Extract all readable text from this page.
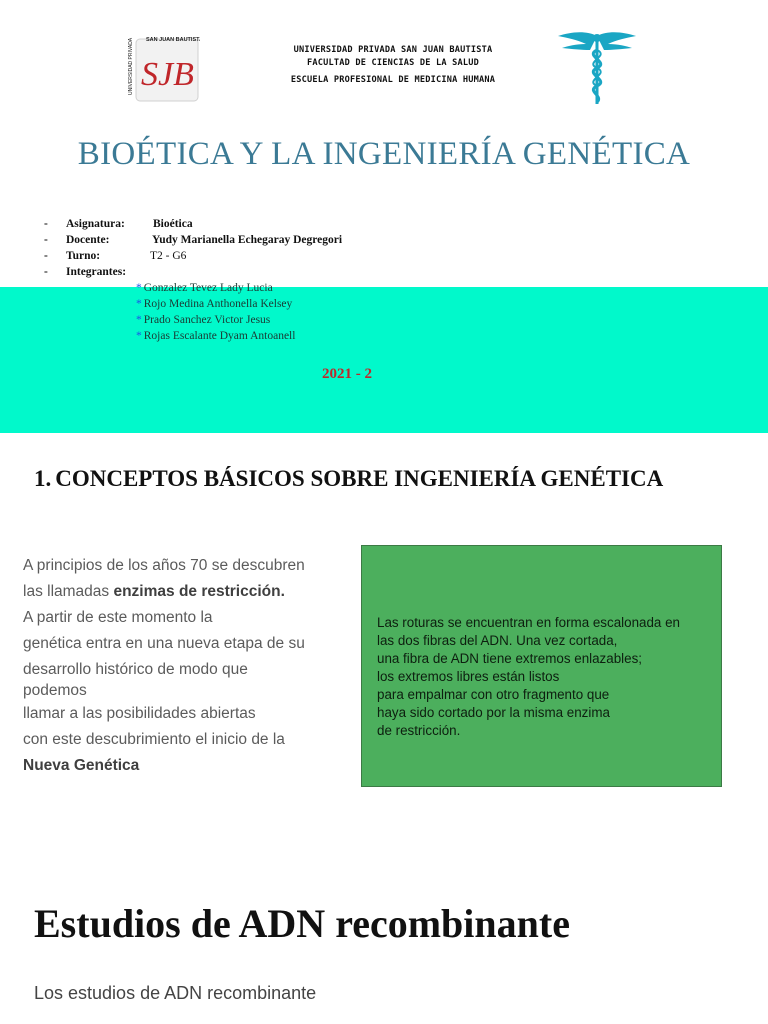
UNIVERSIDAD PRIVADA SAN JUAN BAUTISTA
SJB
UNIVERSIDAD PRIVADA SAN JUAN BAUTISTA
FACULTAD DE CIENCIAS DE LA SALUD
ESCUELA PROFESIONAL DE MEDICINA HUMANA
BIOÉTICA Y LA INGENIERÍA GENÉTICA
- Asignatura: Bioética
- Docente:	Yudy Marianella Echegaray Degregori
- Turno:	T2 - G6
- Integrantes:
* Gonzalez Tevez Lady Lucia
* Rojo Medina Anthonella Kelsey
* Prado Sanchez Victor Jesus
* Rojas Escalante Dyam Antoanell
2021 - 2
1. CONCEPTOS BÁSICOS SOBRE INGENIERÍA GENÉTICA
A principios de los años 70 se descubren
las llamadas enzimas de restricción.
A partir de este momento la
genética entra en una nueva etapa de su
desarrollo histórico de modo que
podemos
llamar a las posibilidades abiertas
con este descubrimiento el inicio de la
Nueva Genética
Las roturas se encuentran en forma escalonada en
las dos fibras del ADN. Una vez cortada,
una fibra de ADN tiene extremos enlazables;
los extremos libres están listos
para empalmar con otro fragmento que
haya sido cortado por la misma enzima
de restricción.
Estudios de ADN recombinante
Los estudios de ADN recombinante
